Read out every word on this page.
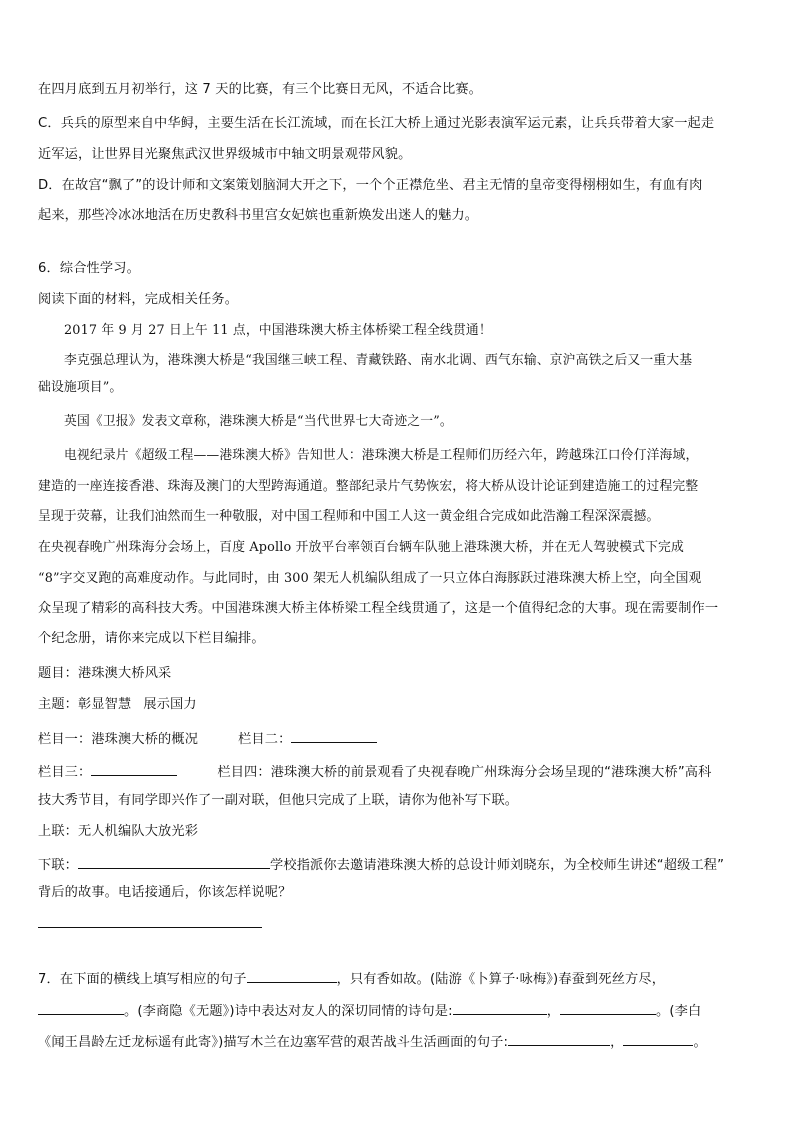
在四月底到五月初举行，这 7 天的比赛，有三个比赛日无风，不适合比赛。
C．兵兵的原型来自中华鲟，主要生活在长江流域，而在长江大桥上通过光影表演军运元素，让兵兵带着大家一起走
近军运，让世界目光聚焦武汉世界级城市中轴文明景观带风貌。
D．在故宫“飘了”的设计师和文案策划脑洞大开之下，一个个正襟危坐、君主无情的皇帝变得栩栩如生，有血有肉
起来，那些冷冰冰地活在历史教科书里宫女妃嫔也重新焕发出迷人的魅力。
6．综合性学习。
阅读下面的材料，完成相关任务。
2017 年 9 月 27 日上午 11 点，中国港珠澳大桥主体桥梁工程全线贯通！
李克强总理认为，港珠澳大桥是“我国继三峡工程、青藏铁路、南水北调、西气东输、京沪高铁之后又一重大基
础设施项目”。
英国《卫报》发表文章称，港珠澳大桥是“当代世界七大奇迹之一”。
电视纪录片《超级工程——港珠澳大桥》告知世人：港珠澳大桥是工程师们历经六年，跨越珠江口伶仃洋海域，
建造的一座连接香港、珠海及澳门的大型跨海通道。整部纪录片气势恢宏，将大桥从设计论证到建造施工的过程完整
呈现于荧幕，让我们油然而生一种敬服，对中国工程师和中国工人这一黄金组合完成如此浩瀚工程深深震撼。
在央视春晚广州珠海分会场上，百度 Apollo 开放平台率领百台辆车队驰上港珠澳大桥，并在无人驾驶模式下完成
“8”字交叉跑的高难度动作。与此同时，由 300 架无人机编队组成了一只立体白海豚跃过港珠澳大桥上空，向全国观
众呈现了精彩的高科技大秀。中国港珠澳大桥主体桥梁工程全线贯通了，这是一个值得纪念的大事。现在需要制作一
个纪念册，请你来完成以下栏目编排。
题目：港珠澳大桥风采
主题：彰显智慧 展示国力
栏目一：港珠澳大桥的概况	栏目二：
栏目三：	栏目四：港珠澳大桥的前景观看了央视春晚广州珠海分会场呈现的“港珠澳大桥”高科
技大秀节目，有同学即兴作了一副对联，但他只完成了上联，请你为他补写下联。
上联：无人机编队大放光彩
下联：	学校指派你去邀请港珠澳大桥的总设计师刘晓东，为全校师生讲述“超级工程”
背后的故事。电话接通后，你该怎样说呢？
7．在下面的横线上填写相应的句子	，只有香如故。(陆游《卜算子·咏梅》)春蚕到死丝方尽，
。(李商隐《无题》)诗中表达对友人的深切同情的诗句是:	，	。(李白
《闻王昌龄左迁龙标遥有此寄》)描写木兰在边塞军营的艰苦战斗生活画面的句子:	，	。
